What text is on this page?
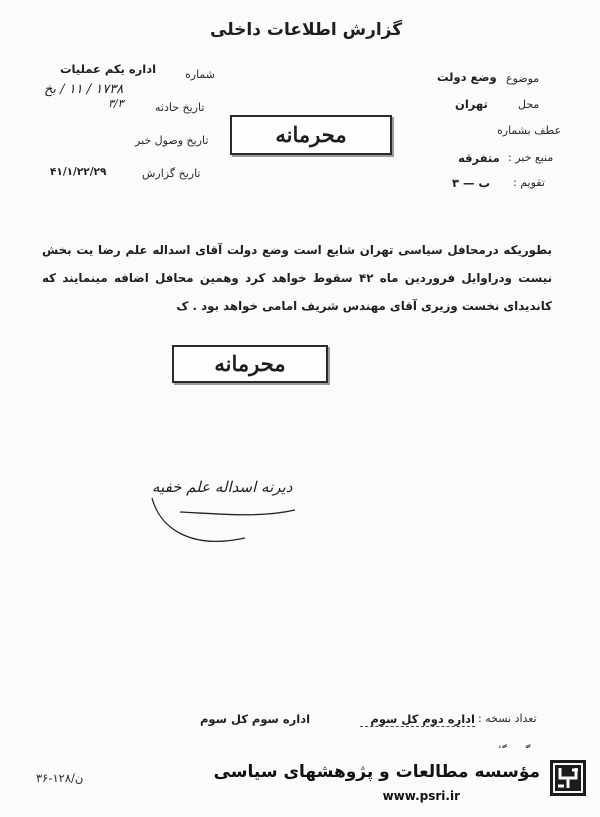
گزارش اطلاعات داخلی
شماره
اداره یکم عملیات
۱۷۳۸ / ۱۱ / بخ
تاریخ حادثه
۳/۳
تاریخ وصول خبر
تاریخ گزارش
۴۱/۱/۲۲/۲۹
موضوع
وضع دولت
محل
تهران
عطف بشماره
منبع خبر :
متفرقه
تقویم :
ب — ۳
محرمانه
محرمانه
بطوریکه درمحافل سیاسی تهران شایع است وضع دولت آقای اسداله علم رضا یت بخش نیست ودراوایل فروردین ماه ۴۲ سقوط خواهد کرد وهمین محافل اضافه مینمایند که کاندیدای نخست وزیری آقای مهندس شریف امامی خواهد بود . ک
دیرنه اسداله علم خفیه
تعداد نسخه :
اداره دوم کل سوم
اداره سوم کل سوم
۳۶-۱۲۸/ن	مؤسسه مطالعات و پژوهشهای سیاسی
www.psri.ir
